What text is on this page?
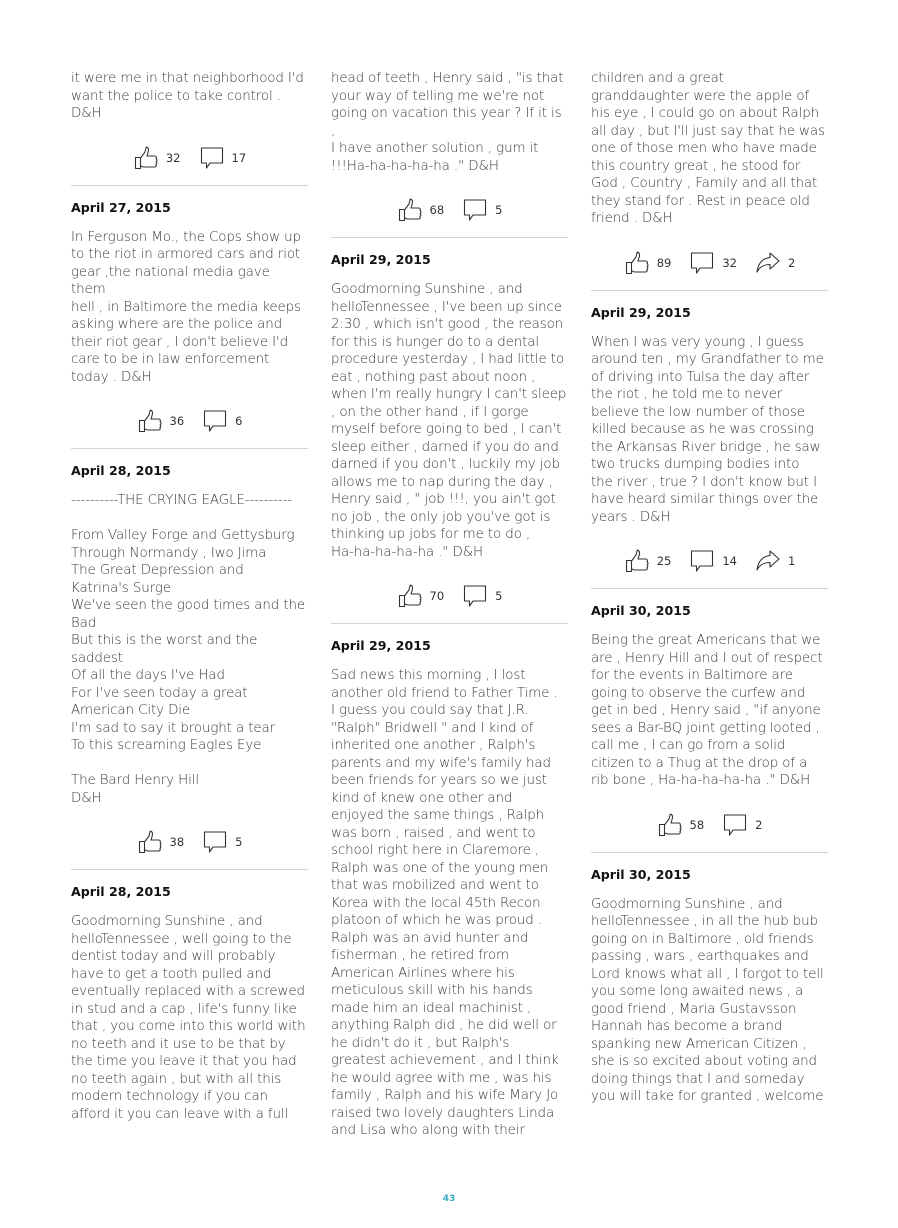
it were me in that neighborhood I'd
want the police to take control .
D&H

32	17
April 27, 2015

In Ferguson Mo., the Cops show up
to the riot in armored cars and riot
gear ,the national media gave them
hell , in Baltimore the media keeps
asking where are the police and
their riot gear , I don't believe I'd
care to be in law enforcement
today . D&H

36	6
April 28, 2015

----------THE CRYING EAGLE----------

From Valley Forge and Gettysburg
Through Normandy , Iwo Jima
The Great Depression and
Katrina's Surge
We've seen the good times and the
Bad
But this is the worst and the
saddest
Of all the days I've Had
For I've seen today a great
American City Die
I'm sad to say it brought a tear
To this screaming Eagles Eye

The Bard Henry Hill
D&H

38	5
April 28, 2015

Goodmorning Sunshine , and
helloTennessee , well going to the
dentist today and will probably
have to get a tooth pulled and
eventually replaced with a screwed
in stud and a cap , life's funny like
that , you come into this world with
no teeth and it use to be that by
the time you leave it that you had
no teeth again , but with all this
modern technology if you can
afford it you can leave with a full

head of teeth , Henry said , "is that
your way of telling me we're not
going on vacation this year ? If it is ,
I have another solution , gum it
!!!Ha-ha-ha-ha-ha ." D&H

68	5
April 29, 2015

Goodmorning Sunshine , and
helloTennessee , I've been up since
2:30 , which isn't good , the reason
for this is hunger do to a dental
procedure yesterday , I had little to
eat , nothing past about noon ,
when I'm really hungry I can't sleep
, on the other hand , if I gorge
myself before going to bed , I can't
sleep either , darned if you do and
darned if you don't , luckily my job
allows me to nap during the day ,
Henry said , " job !!!, you ain't got
no job , the only job you've got is
thinking up jobs for me to do ,
Ha-ha-ha-ha-ha ." D&H

70	5
April 29, 2015

Sad news this morning , I lost
another old friend to Father Time .
I guess you could say that J.R.
"Ralph" Bridwell " and I kind of
inherited one another , Ralph's
parents and my wife's family had
been friends for years so we just
kind of knew one other and
enjoyed the same things , Ralph
was born , raised , and went to
school right here in Claremore ,
Ralph was one of the young men
that was mobilized and went to
Korea with the local 45th Recon
platoon of which he was proud .
Ralph was an avid hunter and
fisherman , he retired from
American Airlines where his
meticulous skill with his hands
made him an ideal machinist ,
anything Ralph did , he did well or
he didn't do it , but Ralph's
greatest achievement , and I think
he would agree with me , was his
family , Ralph and his wife Mary Jo
raised two lovely daughters Linda
and Lisa who along with their

children and a great
granddaughter were the apple of
his eye , I could go on about Ralph
all day , but I'll just say that he was
one of those men who have made
this country great , he stood for
God , Country , Family and all that
they stand for . Rest in peace old
friend . D&H

89	32	2
April 29, 2015

When I was very young , I guess
around ten , my Grandfather to me
of driving into Tulsa the day after
the riot , he told me to never
believe the low number of those
killed because as he was crossing
the Arkansas River bridge , he saw
two trucks dumping bodies into
the river , true ? I don't know but I
have heard similar things over the
years . D&H

25	14	1
April 30, 2015

Being the great Americans that we
are , Henry Hill and I out of respect
for the events in Baltimore are
going to observe the curfew and
get in bed , Henry said , "if anyone
sees a Bar-BQ joint getting looted ,
call me , I can go from a solid
citizen to a Thug at the drop of a
rib bone , Ha-ha-ha-ha-ha ." D&H

58	2
April 30, 2015

Goodmorning Sunshine , and
helloTennessee , in all the hub bub
going on in Baltimore , old friends
passing , wars , earthquakes and
Lord knows what all , I forgot to tell
you some long awaited news , a
good friend , Maria Gustavsson
Hannah has become a brand
spanking new American Citizen ,
she is so excited about voting and
doing things that I and someday
you will take for granted , welcome

43
